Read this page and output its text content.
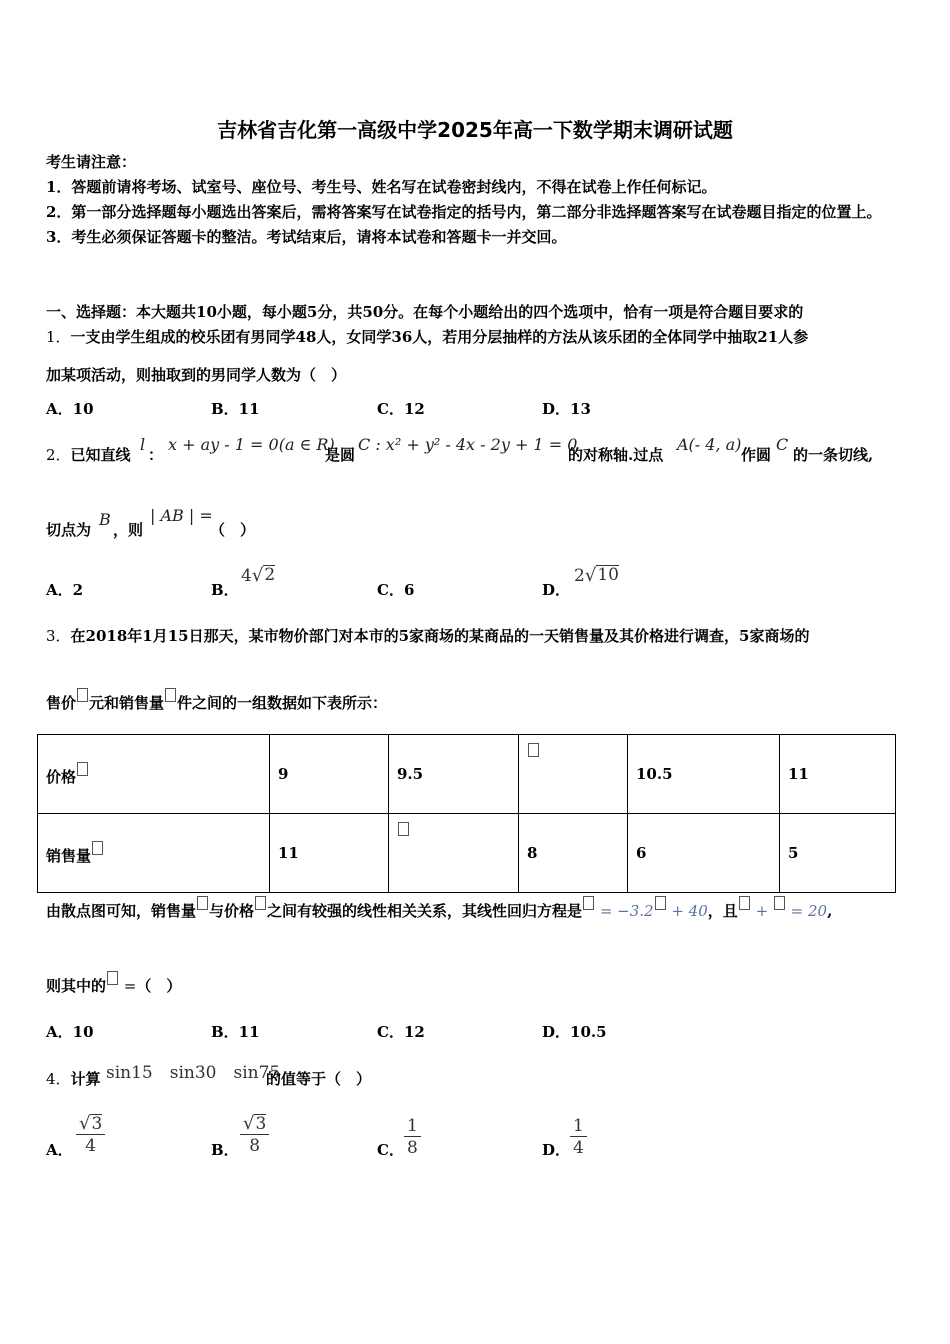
吉林省吉化第一高级中学2025年高一下数学期末调研试题
考生请注意：
1．答题前请将考场、试室号、座位号、考生号、姓名写在试卷密封线内，不得在试卷上作任何标记。
2．第一部分选择题每小题选出答案后，需将答案写在试卷指定的括号内，第二部分非选择题答案写在试卷题目指定的位置上。
3．考生必须保证答题卡的整洁。考试结束后，请将本试卷和答题卡一并交回。
一、选择题：本大题共10小题，每小题5分，共50分。在每个小题给出的四个选项中，恰有一项是符合题目要求的
1．一支由学生组成的校乐团有男同学48人，女同学36人，若用分层抽样的方法从该乐团的全体同学中抽取21人参
加某项活动，则抽取到的男同学人数为（　）
A．10	B．11	C．12	D．13
2．已知直线
l
：
x + ay - 1 = 0(a ∈ R)
是圆
C : x² + y² - 4x - 2y + 1 = 0
的对称轴.过点
A(- 4, a)
作圆
C
的一条切线,
切点为
B
，则
| AB | =
（　）
A．2	B．
4 √ 2
C．6	D．
2 √ 10
3．在2018年1月15日那天，某市物价部门对本市的5家商场的某商品的一天销售量及其价格进行调查，5家商场的
售价 元和销售量 件之间的一组数据如下表所示：
价格	9	9.5		10.5	11
销售量	11		8	6	5
由散点图可知，销售量 与价格 之间有较强的线性相关关系，其线性回归方程是 = −3.2 + 40，且 +  = 20,
则其中的 =（　）
A．10	B．11	C．12	D．10.5
4．计算 sin15　sin30　sin75
的值等于（　）
A． $\frac{√ 3}{4}$	B． $\frac{√ 3}{8}$	C． $\frac{1}{8}$	D． $\frac{1}{4}$
